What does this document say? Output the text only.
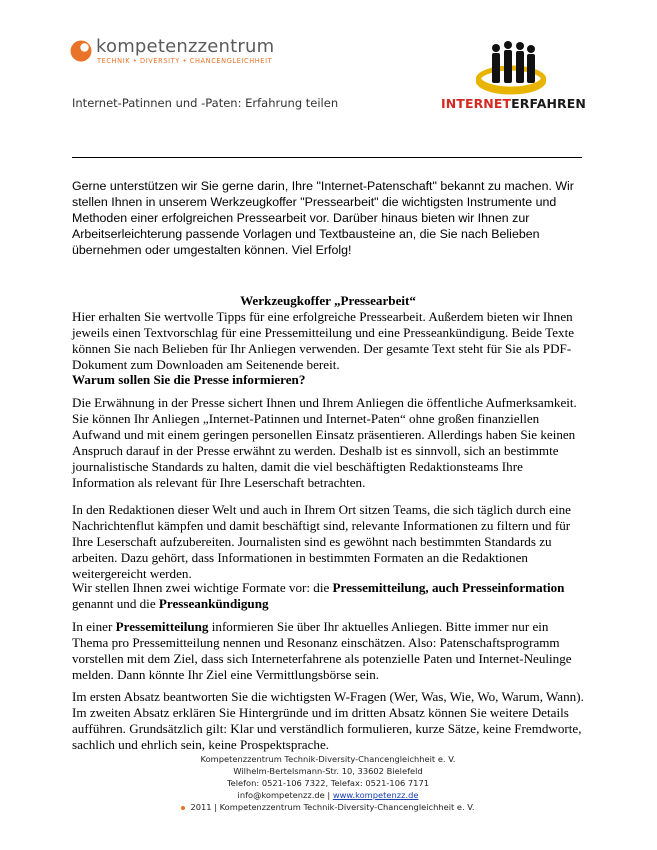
kompetenzzentrum
TECHNIK • DIVERSITY • CHANCENGLEICHHEIT
Internet-Patinnen und -Paten: Erfahrung teilen	INTERNETERFAHREN
Gerne unterstützen wir Sie gerne darin, Ihre "Internet-Patenschaft" bekannt zu machen. Wir stellen Ihnen in unserem Werkzeugkoffer "Pressearbeit" die wichtigsten Instrumente und Methoden einer erfolgreichen Pressearbeit vor. Darüber hinaus bieten wir Ihnen zur Arbeitserleichterung passende Vorlagen und Textbausteine an, die Sie nach Belieben übernehmen oder umgestalten können. Viel Erfolg!
Werkzeugkoffer „Pressearbeit“
Hier erhalten Sie wertvolle Tipps für eine erfolgreiche Pressearbeit. Außerdem bieten wir Ihnen jeweils einen Textvorschlag für eine Pressemitteilung und eine Presseankündigung. Beide Texte können Sie nach Belieben für Ihr Anliegen verwenden. Der gesamte Text steht für Sie als PDF-Dokument zum Downloaden am Seitenende bereit.
Warum sollen Sie die Presse informieren?
Die Erwähnung in der Presse sichert Ihnen und Ihrem Anliegen die öffentliche Aufmerksamkeit. Sie können Ihr Anliegen „Internet-Patinnen und Internet-Paten“ ohne großen finanziellen Aufwand und mit einem geringen personellen Einsatz präsentieren. Allerdings haben Sie keinen Anspruch darauf in der Presse erwähnt zu werden. Deshalb ist es sinnvoll, sich an bestimmte journalistische Standards zu halten, damit die viel beschäftigten Redaktionsteams Ihre Information als relevant für Ihre Leserschaft betrachten.
In den Redaktionen dieser Welt und auch in Ihrem Ort sitzen Teams, die sich täglich durch eine Nachrichtenflut kämpfen und damit beschäftigt sind, relevante Informationen zu filtern und für Ihre Leserschaft aufzubereiten. Journalisten sind es gewöhnt nach bestimmten Standards zu arbeiten. Dazu gehört, dass Informationen in bestimmten Formaten an die Redaktionen weitergereicht werden.
Wir stellen Ihnen zwei wichtige Formate vor: die Pressemitteilung, auch Presseinformation genannt und die Presseankündigung
In einer Pressemitteilung informieren Sie über Ihr aktuelles Anliegen. Bitte immer nur ein Thema pro Pressemitteilung nennen und Resonanz einschätzen. Also: Patenschaftsprogramm vorstellen mit dem Ziel, dass sich Interneterfahrene als potenzielle Paten und Internet-Neulinge melden. Dann könnte Ihr Ziel eine Vermittlungsbörse sein.
Im ersten Absatz beantworten Sie die wichtigsten W-Fragen (Wer, Was, Wie, Wo, Warum, Wann). Im zweiten Absatz erklären Sie Hintergründe und im dritten Absatz können Sie weitere Details aufführen. Grundsätzlich gilt: Klar und verständlich formulieren, kurze Sätze, keine Fremdworte, sachlich und ehrlich sein, keine Prospektsprache.
Kompetenzzentrum Technik-Diversity-Chancengleichheit e. V.
Wilhelm-Bertelsmann-Str. 10, 33602 Bielefeld
Telefon: 0521-106 7322, Telefax: 0521-106 7171
info@kompetenzz.de | www.kompetenzz.de
2011 | Kompetenzzentrum Technik-Diversity-Chancengleichheit e. V.
